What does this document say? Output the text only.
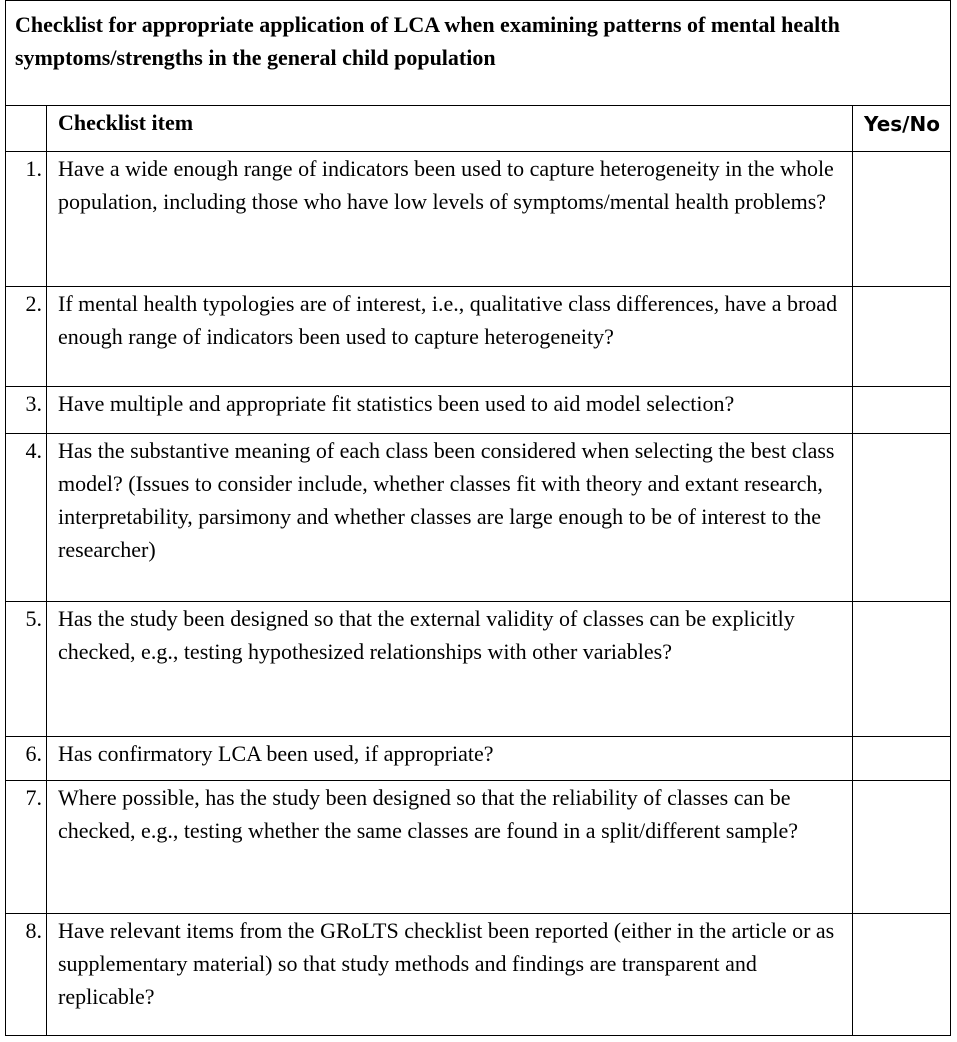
Checklist for appropriate application of LCA when examining patterns of mental health symptoms/strengths in the general child population

Checklist item	Yes/No
1. Have a wide enough range of indicators been used to capture heterogeneity in the whole population, including those who have low levels of symptoms/mental health problems?
2. If mental health typologies are of interest, i.e., qualitative class differences, have a broad enough range of indicators been used to capture heterogeneity?
3. Have multiple and appropriate fit statistics been used to aid model selection?
4. Has the substantive meaning of each class been considered when selecting the best class model? (Issues to consider include, whether classes fit with theory and extant research, interpretability, parsimony and whether classes are large enough to be of interest to the researcher)
5. Has the study been designed so that the external validity of classes can be explicitly checked, e.g., testing hypothesized relationships with other variables?
6. Has confirmatory LCA been used, if appropriate?
7. Where possible, has the study been designed so that the reliability of classes can be checked, e.g., testing whether the same classes are found in a split/different sample?
8. Have relevant items from the GRoLTS checklist been reported (either in the article or as supplementary material) so that study methods and findings are transparent and replicable?
